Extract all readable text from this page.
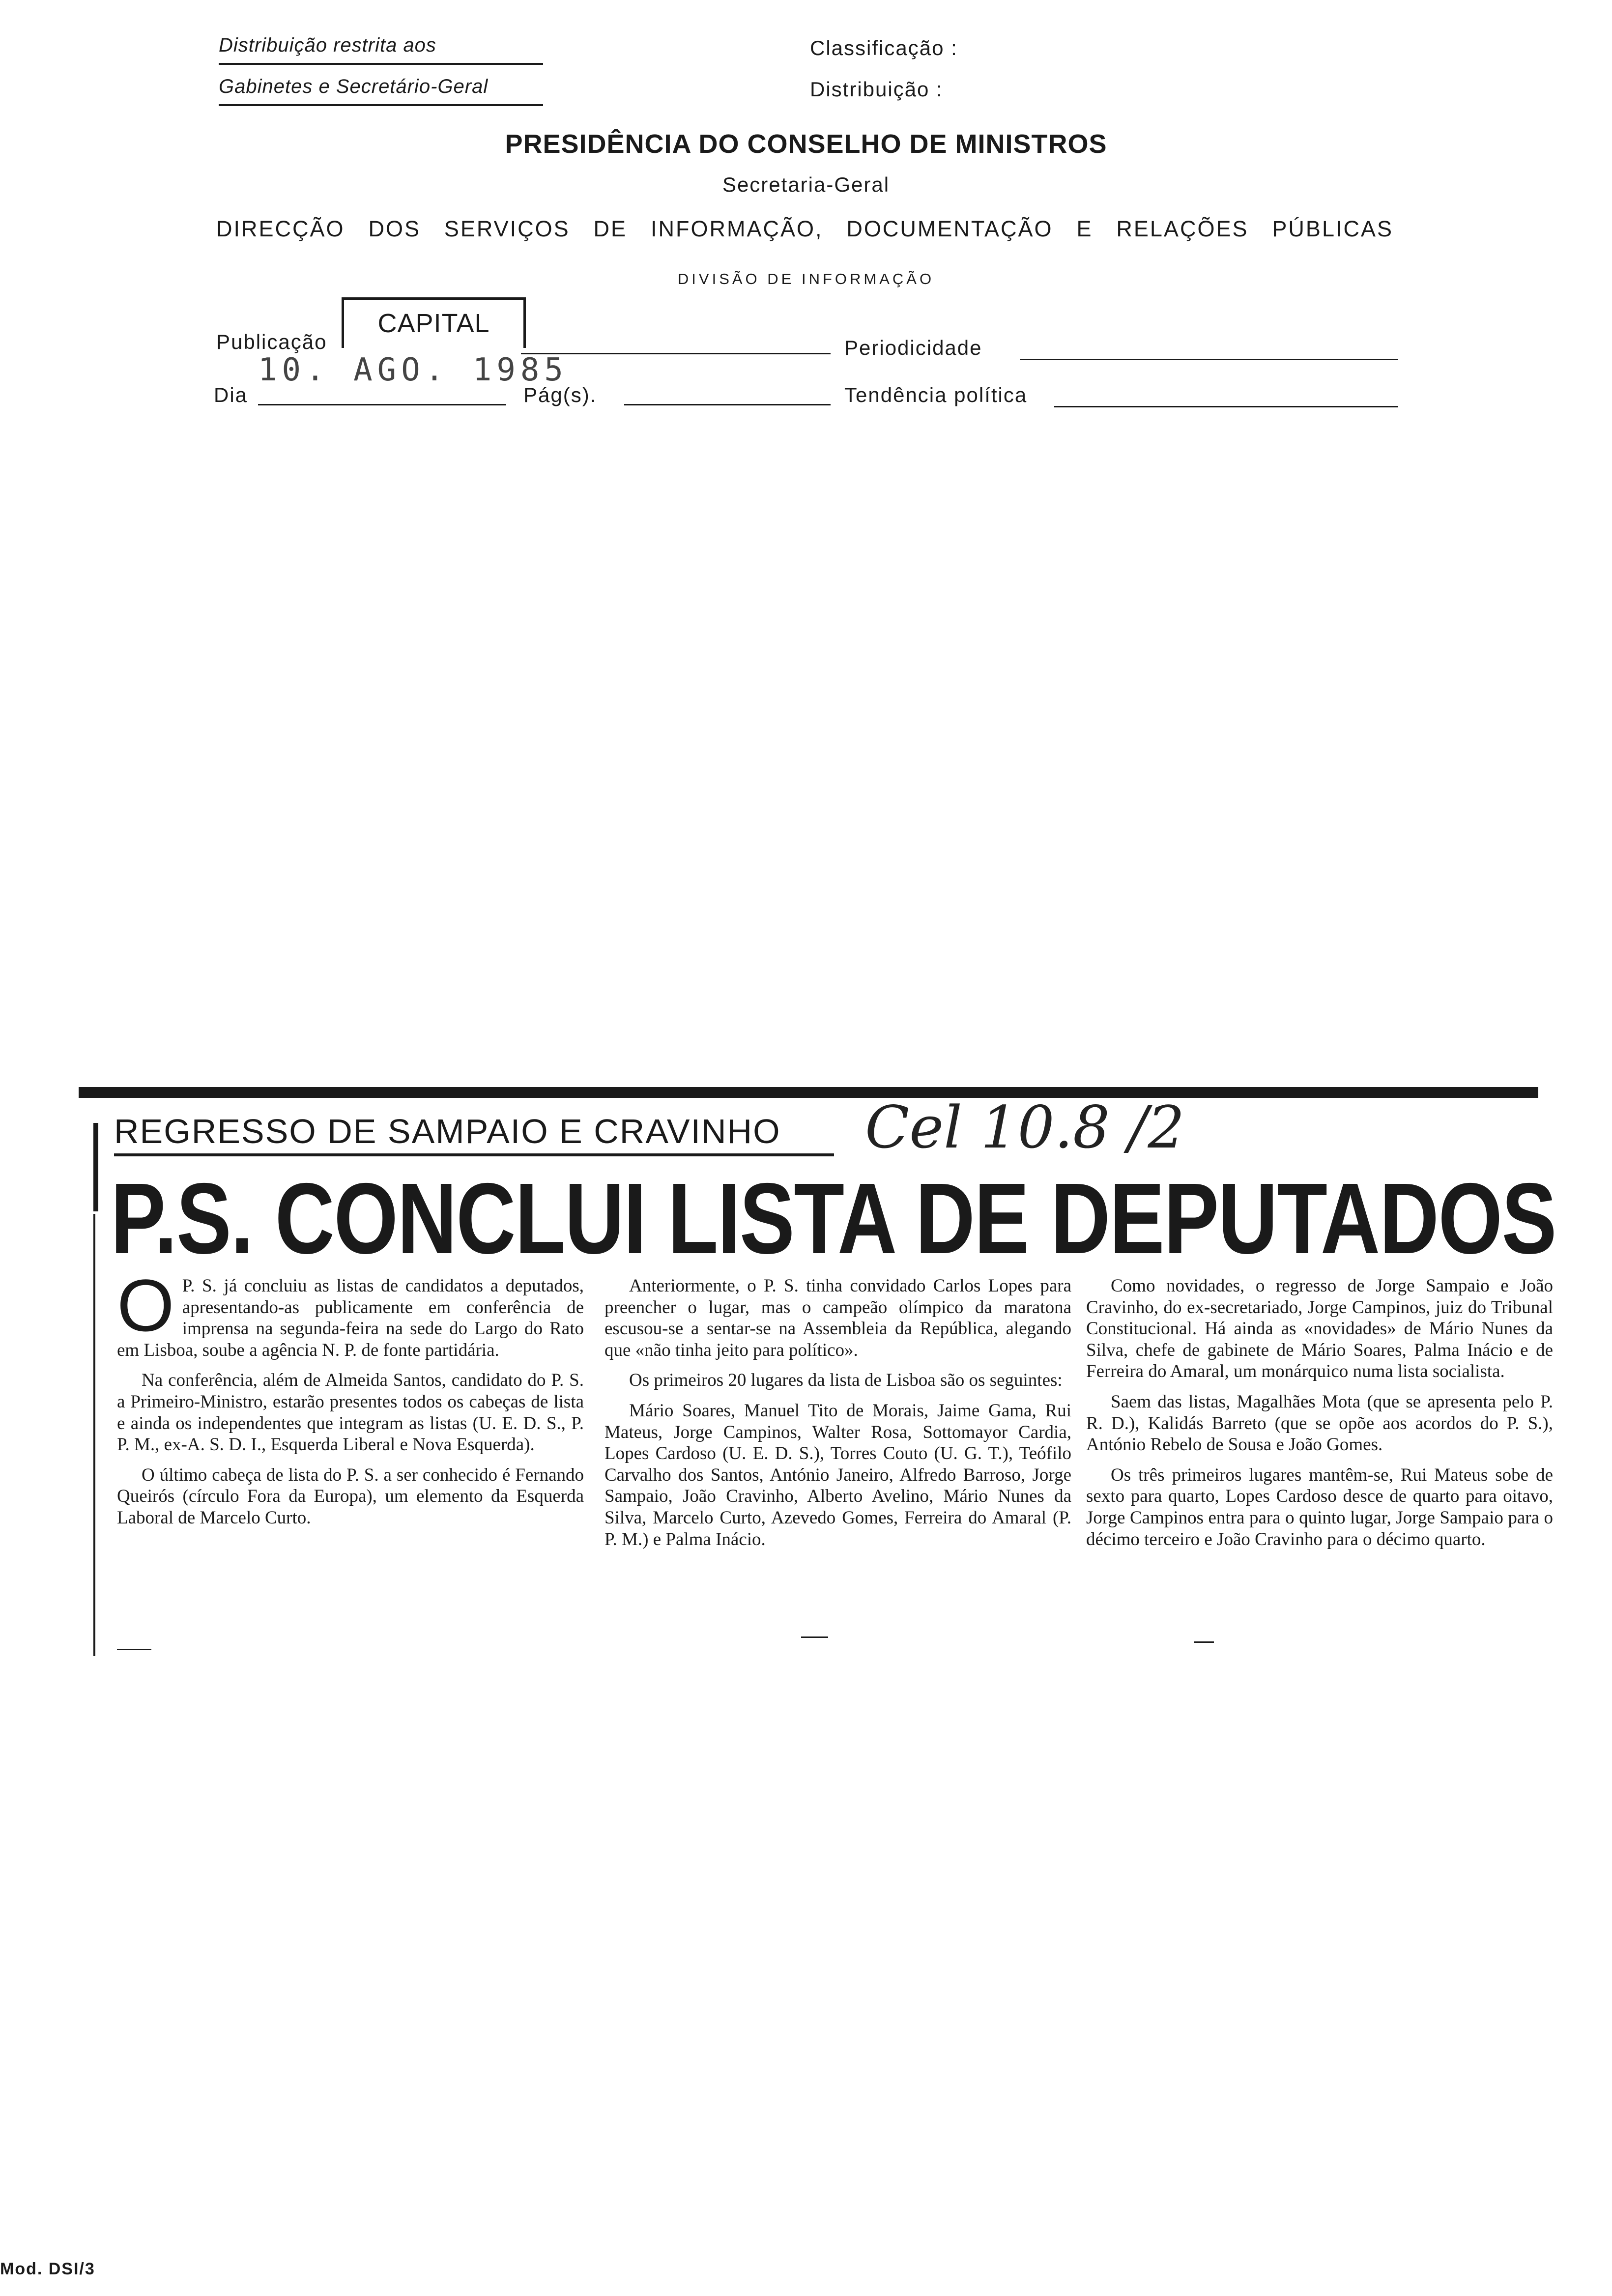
Distribuição restrita aos
Gabinetes e Secretário-Geral
Classificação :
Distribuição :
PRESIDÊNCIA DO CONSELHO DE MINISTROS
Secretaria-Geral
DIRECÇÃO DOS SERVIÇOS DE INFORMAÇÃO, DOCUMENTAÇÃO E RELAÇÕES PÚBLICAS
DIVISÃO DE INFORMAÇÃO
Publicação
CAPITAL
Periodicidade
10. AGO. 1985
Dia	Pág(s).	Tendência política
REGRESSO DE SAMPAIO E CRAVINHO Cel 10.8 /2
P.S. CONCLUI LISTA DE DEPUTADOS

O P. S. já concluiu as listas de candidatos a deputados, apresentando-as publicamente em conferência de imprensa na segunda-feira na sede do Largo do Rato em Lisboa, soube a agência N. P. de fonte partidária.

Na conferência, além de Almeida Santos, candidato do P. S. a Primeiro-Ministro, estarão presentes todos os cabeças de lista e ainda os independentes que integram as listas (U. E. D. S., P. P. M., ex-A. S. D. I., Esquerda Liberal e Nova Esquerda).

O último cabeça de lista do P. S. a ser conhecido é Fernando Queirós (círculo Fora da Europa), um elemento da Esquerda Laboral de Marcelo Curto.

Anteriormente, o P. S. tinha convidado Carlos Lopes para preencher o lugar, mas o campeão olímpico da maratona escusou-se a sentar-se na Assembleia da República, alegando que «não tinha jeito para político».

Os primeiros 20 lugares da lista de Lisboa são os seguintes:

Mário Soares, Manuel Tito de Morais, Jaime Gama, Rui Mateus, Jorge Campinos, Walter Rosa, Sottomayor Cardia, Lopes Cardoso (U. E. D. S.), Torres Couto (U. G. T.), Teófilo Carvalho dos Santos, António Janeiro, Alfredo Barroso, Jorge Sampaio, João Cravinho, Alberto Avelino, Mário Nunes da Silva, Marcelo Curto, Azevedo Gomes, Ferreira do Amaral (P. P. M.) e Palma Inácio.

Como novidades, o regresso de Jorge Sampaio e João Cravinho, do ex-secretariado, Jorge Campinos, juiz do Tribunal Constitucional. Há ainda as «novidades» de Mário Nunes da Silva, chefe de gabinete de Mário Soares, Palma Inácio e de Ferreira do Amaral, um monárquico numa lista socialista.

Saem das listas, Magalhães Mota (que se apresenta pelo P. R. D.), Kalidás Barreto (que se opõe aos acordos do P. S.), António Rebelo de Sousa e João Gomes.

Os três primeiros lugares mantêm-se, Rui Mateus sobe de sexto para quarto, Lopes Cardoso desce de quarto para oitavo, Jorge Campinos entra para o quinto lugar, Jorge Sampaio para o décimo terceiro e João Cravinho para o décimo quarto.

Mod. DSI/3
